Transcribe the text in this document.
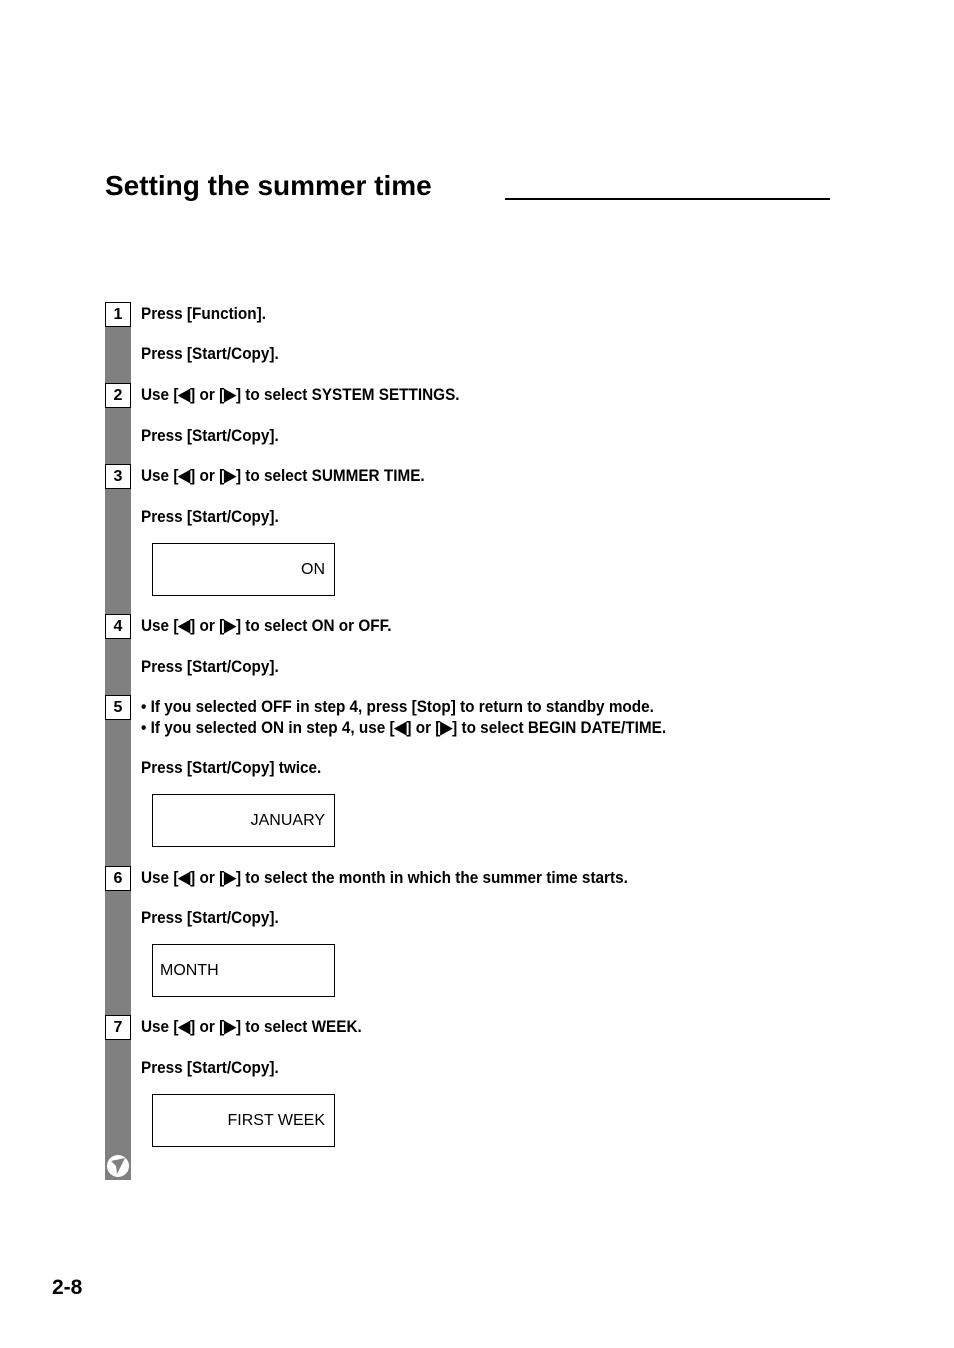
Setting the summer time
1	Press [Function].
Press [Start/Copy].
2	Use [◀] or [▶] to select SYSTEM SETTINGS.
Press [Start/Copy].
3	Use [◀] or [▶] to select SUMMER TIME.
Press [Start/Copy].
ON
4	Use [◀] or [▶] to select ON or OFF.
Press [Start/Copy].
5	• If you selected OFF in step 4, press [Stop] to return to standby mode.
• If you selected ON in step 4, use [◀] or [▶] to select BEGIN DATE/TIME.
Press [Start/Copy] twice.
JANUARY
6	Use [◀] or [▶] to select the month in which the summer time starts.
Press [Start/Copy].
MONTH
7	Use [◀] or [▶] to select WEEK.
Press [Start/Copy].
FIRST WEEK
2-8
